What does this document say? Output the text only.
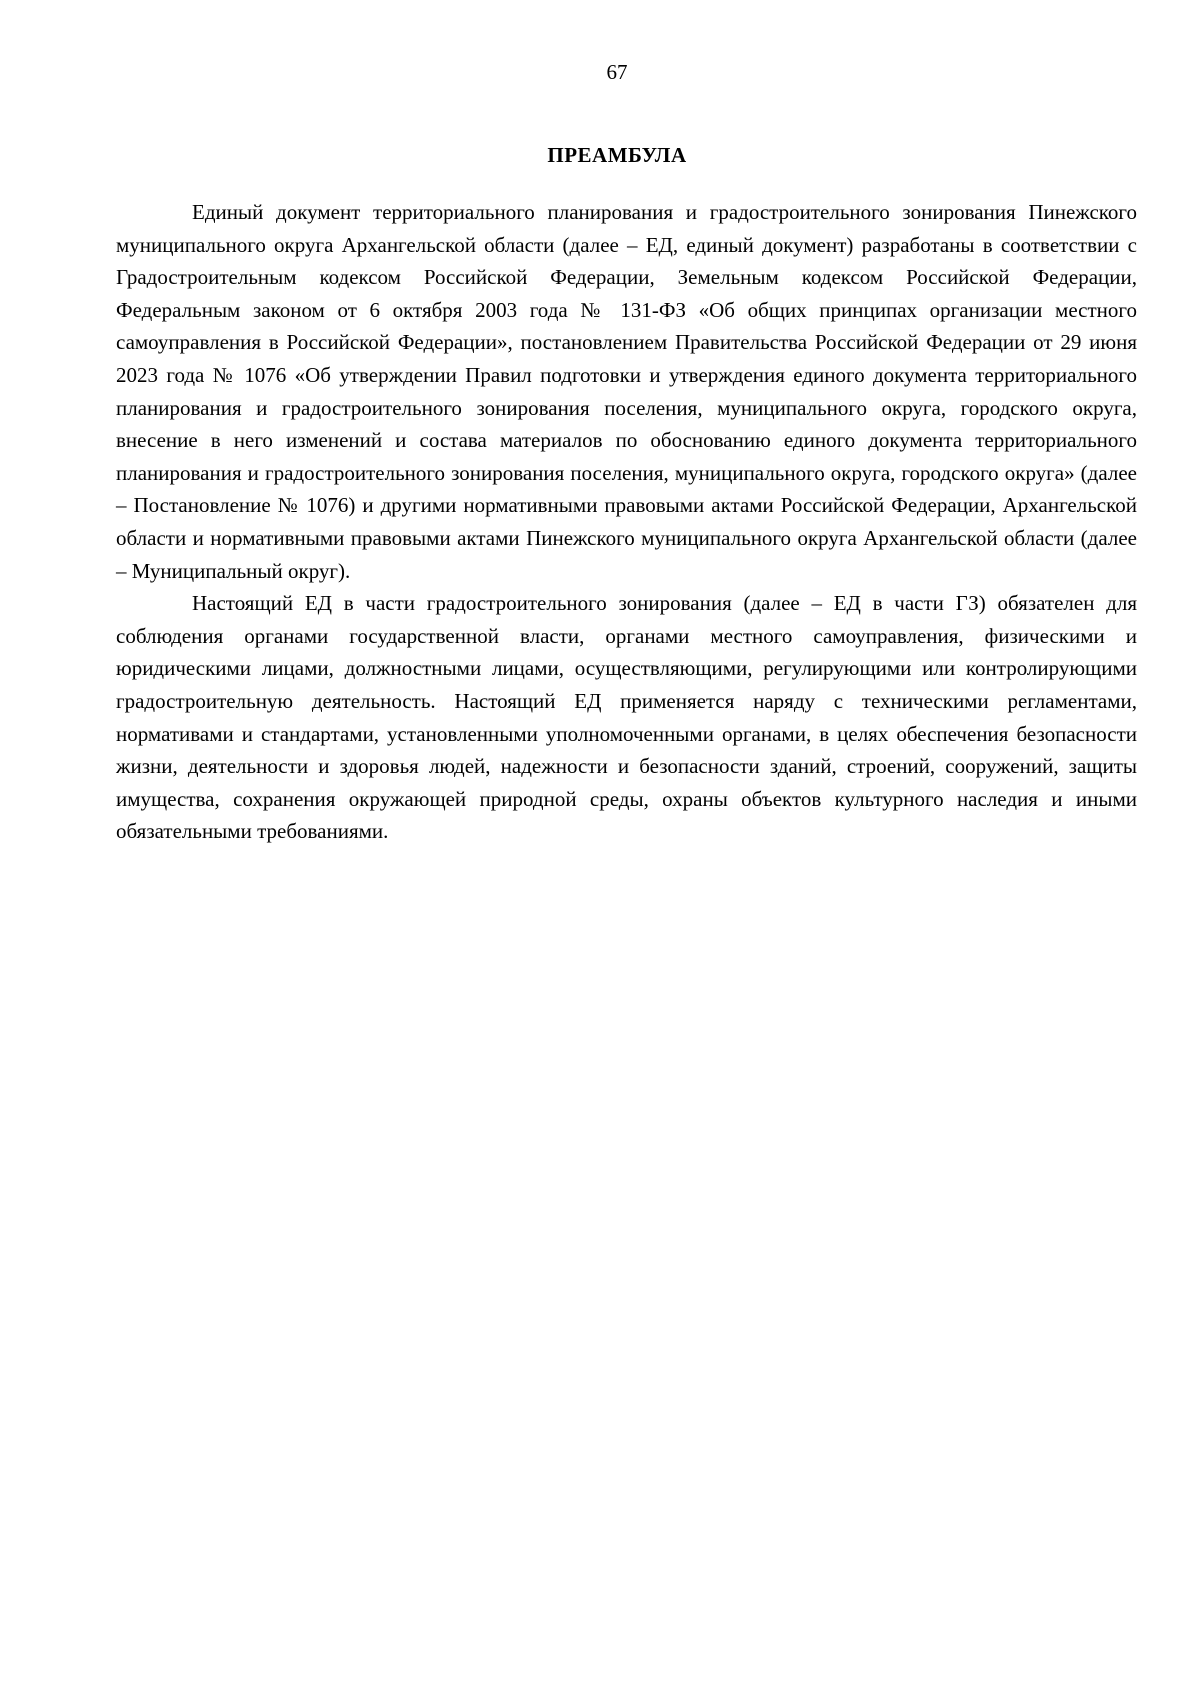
67
ПРЕАМБУЛА

Единый документ территориального планирования и градостроительного зонирования Пинежского муниципального округа Архангельской области (далее – ЕД, единый документ) разработаны в соответствии с Градостроительным кодексом Российской Федерации, Земельным кодексом Российской Федерации, Федеральным законом от 6 октября 2003 года № 131-ФЗ «Об общих принципах организации местного самоуправления в Российской Федерации», постановлением Правительства Российской Федерации от 29 июня 2023 года № 1076 «Об утверждении Правил подготовки и утверждения единого документа территориального планирования и градостроительного зонирования поселения, муниципального округа, городского округа, внесение в него изменений и состава материалов по обоснованию единого документа территориального планирования и градостроительного зонирования поселения, муниципального округа, городского округа» (далее – Постановление № 1076) и другими нормативными правовыми актами Российской Федерации, Архангельской области и нормативными правовыми актами Пинежского муниципального округа Архангельской области (далее – Муниципальный округ).

Настоящий ЕД в части градостроительного зонирования (далее – ЕД в части ГЗ) обязателен для соблюдения органами государственной власти, органами местного самоуправления, физическими и юридическими лицами, должностными лицами, осуществляющими, регулирующими или контролирующими градостроительную деятельность. Настоящий ЕД применяется наряду с техническими регламентами, нормативами и стандартами, установленными уполномоченными органами, в целях обеспечения безопасности жизни, деятельности и здоровья людей, надежности и безопасности зданий, строений, сооружений, защиты имущества, сохранения окружающей природной среды, охраны объектов культурного наследия и иными обязательными требованиями.
